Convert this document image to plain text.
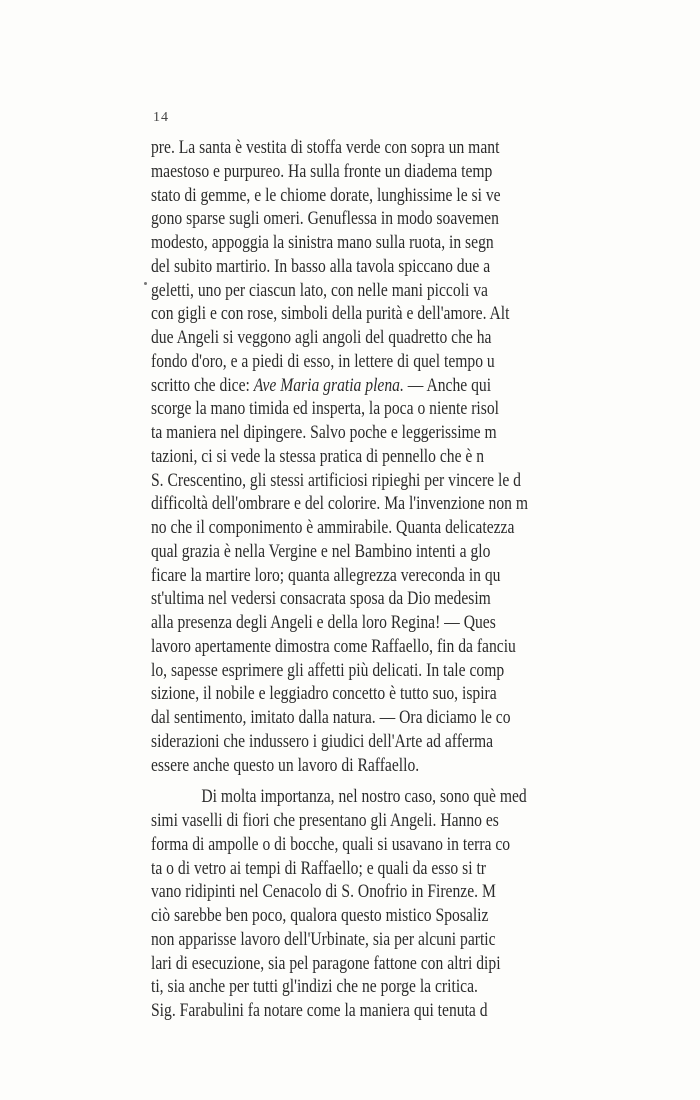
14
pre. La santa è vestita di stoffa verde con sopra un mant
maestoso e purpureo. Ha sulla fronte un diadema temp
stato di gemme, e le chiome dorate, lunghissime le si ve
gono sparse sugli omeri. Genuflessa in modo soavemen
modesto, appoggia la sinistra mano sulla ruota, in segn
del subito martirio. In basso alla tavola spiccano due a
geletti, uno per ciascun lato, con nelle mani piccoli va
con gigli e con rose, simboli della purità e dell'amore. Alt
due Angeli si veggono agli angoli del quadretto che ha
fondo d'oro, e a piedi di esso, in lettere di quel tempo u
scritto che dice: Ave Maria gratia plena. — Anche qui
scorge la mano timida ed insperta, la poca o niente risol
ta maniera nel dipingere. Salvo poche e leggerissime m
tazioni, ci si vede la stessa pratica di pennello che è n
S. Crescentino, gli stessi artificiosi ripieghi per vincere le d
difficoltà dell'ombrare e del colorire. Ma l'invenzione non m
no che il componimento è ammirabile. Quanta delicatezza
qual grazia è nella Vergine e nel Bambino intenti a glo
ficare la martire loro; quanta allegrezza vereconda in qu
st'ultima nel vedersi consacrata sposa da Dio medesim
alla presenza degli Angeli e della loro Regina! — Ques
lavoro apertamente dimostra come Raffaello, fin da fanciu
lo, sapesse esprimere gli affetti più delicati. In tale comp
sizione, il nobile e leggiadro concetto è tutto suo, ispira
dal sentimento, imitato dalla natura. — Ora diciamo le co
siderazioni che indussero i giudici dell'Arte ad afferma
essere anche questo un lavoro di Raffaello.
Di molta importanza, nel nostro caso, sono què med
simi vaselli di fiori che presentano gli Angeli. Hanno es
forma di ampolle o di bocche, quali si usavano in terra co
ta o di vetro ai tempi di Raffaello; e quali da esso si tr
vano ridipinti nel Cenacolo di S. Onofrio in Firenze. M
ciò sarebbe ben poco, qualora questo mistico Sposaliz
non apparisse lavoro dell'Urbinate, sia per alcuni partic
lari di esecuzione, sia pel paragone fattone con altri dipi
ti, sia anche per tutti gl'indizi che ne porge la critica.
Sig. Farabulini fa notare come la maniera qui tenuta d
